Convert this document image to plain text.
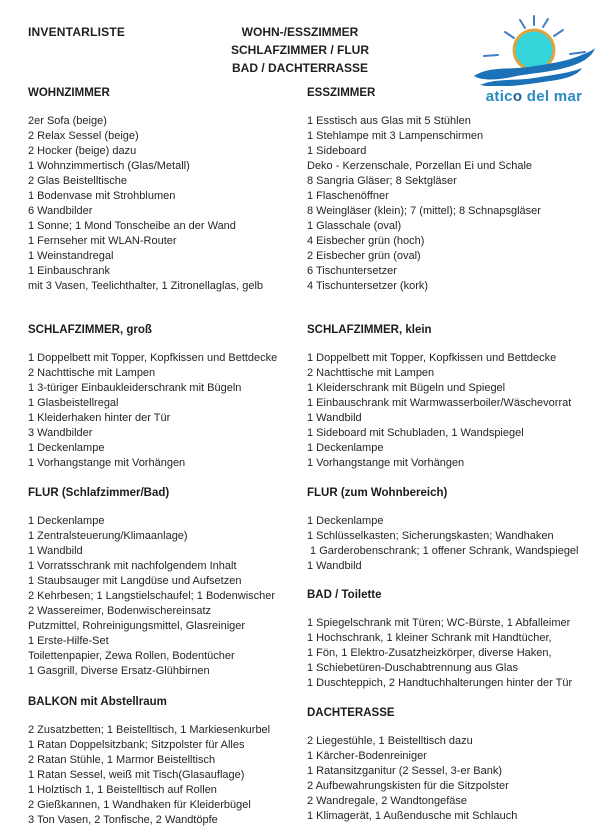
INVENTARLISTE	WOHN-/ESSZIMMER
SCHLAFZIMMER / FLUR
BAD / DACHTERRASSE
atico del mar
WOHNZIMMER
2er Sofa (beige)
2 Relax Sessel (beige)
2 Hocker (beige) dazu
1 Wohnzimmertisch (Glas/Metall)
2 Glas Beistelltische
1 Bodenvase mit Strohblumen
6 Wandbilder
1 Sonne; 1 Mond Tonscheibe an der Wand
1 Fernseher mit WLAN-Router
1 Weinstandregal
1 Einbauschrank
mit 3 Vasen, Teelichthalter, 1 Zitronellaglas, gelb
SCHLAFZIMMER, groß
1 Doppelbett mit Topper, Kopfkissen und Bettdecke
2 Nachttische mit Lampen
1 3-türiger Einbaukleiderschrank mit Bügeln
1 Glasbeistellregal
1 Kleiderhaken hinter der Tür
3 Wandbilder
1 Deckenlampe
1 Vorhangstange mit Vorhängen
FLUR (Schlafzimmer/Bad)
1 Deckenlampe
1 Zentralsteuerung/Klimaanlage)
1 Wandbild
1 Vorratsschrank mit nachfolgendem Inhalt
1 Staubsauger mit Langdüse und Aufsetzen
2 Kehrbesen; 1 Langstielschaufel; 1 Bodenwischer
2 Wassereimer, Bodenwischereinsatz
Putzmittel, Rohreinigungsmittel, Glasreiniger
1 Erste-Hilfe-Set
Toilettenpapier, Zewa Rollen, Bodentücher
1 Gasgrill, Diverse Ersatz-Glühbirnen
BALKON mit Abstellraum
2 Zusatzbetten; 1 Beistelltisch, 1 Markiesenkurbel
1 Ratan Doppelsitzbank; Sitzpolster für Alles
2 Ratan Stühle, 1 Marmor Beistelltisch
1 Ratan Sessel, weiß mit Tisch(Glasauflage)
1 Holztisch 1, 1 Beistelltisch auf Rollen
2 Gießkannen, 1 Wandhaken für Kleiderbügel
3 Ton Vasen, 2 Tonfische, 2 Wandtöpfe
ESSZIMMER
1 Esstisch aus Glas mit 5 Stühlen
1 Stehlampe mit 3 Lampenschirmen
1 Sideboard
Deko - Kerzenschale, Porzellan Ei und Schale
8 Sangria Gläser; 8 Sektgläser
1 Flaschenöffner
8 Weingläser (klein); 7 (mittel); 8 Schnapsgläser
1 Glasschale (oval)
4 Eisbecher grün (hoch)
2 Eisbecher grün (oval)
6 Tischuntersetzer
4 Tischuntersetzer (kork)
SCHLAFZIMMER, klein
1 Doppelbett mit Topper, Kopfkissen und Bettdecke
2 Nachttische mit Lampen
1 Kleiderschrank mit Bügeln und Spiegel
1 Einbauschrank mit Warmwasserboiler/Wäschevorrat
1 Wandbild
1 Sideboard mit Schubladen, 1 Wandspiegel
1 Deckenlampe
1 Vorhangstange mit Vorhängen
FLUR (zum Wohnbereich)
1 Deckenlampe
1 Schlüsselkasten; Sicherungskasten; Wandhaken
1 Garderobenschrank; 1 offener Schrank, Wandspiegel
1 Wandbild
BAD / Toilette
1 Spiegelschrank mit Türen; WC-Bürste, 1 Abfalleimer
1 Hochschrank, 1 kleiner Schrank mit Handtücher,
1 Fön, 1 Elektro-Zusatzheizkörper, diverse Haken,
1 Schiebetüren-Duschabtrennung aus Glas
1 Duschteppich, 2 Handtuchhalterungen hinter der Tür
DACHTERASSE
2 Liegestühle, 1 Beistelltisch dazu
1 Kärcher-Bodenreiniger
1 Ratansitzganitur (2 Sessel, 3-er Bank)
2 Aufbewahrungskisten für die Sitzpolster
2 Wandregale, 2 Wandtongefäse
1 Klimagerät, 1 Außendusche mit Schlauch
